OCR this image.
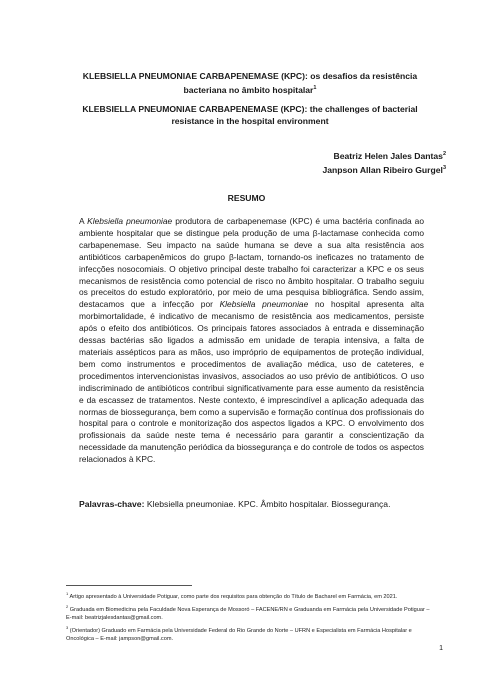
KLEBSIELLA PNEUMONIAE CARBAPENEMASE (KPC): os desafios da resistência bacteriana no âmbito hospitalar$^1$

KLEBSIELLA PNEUMONIAE CARBAPENEMASE (KPC): the challenges of bacterial resistance in the hospital environment

Beatriz Helen Jales Dantas$^2$

Janpson Allan Ribeiro Gurgel$^3$

RESUMO

A Klebsiella pneumoniae produtora de carbapenemase (KPC) é uma bactéria confinada ao ambiente hospitalar que se distingue pela produção de uma β-lactamase conhecida como carbapenemase. Seu impacto na saúde humana se deve a sua alta resistência aos antibióticos carbapenêmicos do grupo β-lactam, tornando-os ineficazes no tratamento de infecções nosocomiais. O objetivo principal deste trabalho foi caracterizar a KPC e os seus mecanismos de resistência como potencial de risco no âmbito hospitalar. O trabalho seguiu os preceitos do estudo exploratório, por meio de uma pesquisa bibliográfica. Sendo assim, destacamos que a infecção por Klebsiella pneumoniae no hospital apresenta alta morbimortalidade, é indicativo de mecanismo de resistência aos medicamentos, persiste após o efeito dos antibióticos. Os principais fatores associados à entrada e disseminação dessas bactérias são ligados a admissão em unidade de terapia intensiva, a falta de materiais assépticos para as mãos, uso impróprio de equipamentos de proteção individual, bem como instrumentos e procedimentos de avaliação médica, uso de cateteres, e procedimentos intervencionistas invasivos, associados ao uso prévio de antibióticos. O uso indiscriminado de antibióticos contribui significativamente para esse aumento da resistência e da escassez de tratamentos. Neste contexto, é imprescindível a aplicação adequada das normas de biossegurança, bem como a supervisão e formação contínua dos profissionais do hospital para o controle e monitorização dos aspectos ligados a KPC. O envolvimento dos profissionais da saúde neste tema é necessário para garantir a conscientização da necessidade da manutenção periódica da biossegurança e do controle de todos os aspectos relacionados à KPC.

Palavras-chave: Klebsiella pneumoniae. KPC. Âmbito hospitalar. Biossegurança.

$^1$ Artigo apresentado à Universidade Potiguar, como parte dos requisitos para obtenção do Título de Bacharel em Farmácia, em 2021.

$^2$ Graduada em Biomedicina pela Faculdade Nova Esperança de Mossoró – FACENE/RN e Graduanda em Farmácia pela Universidade Potiguar – E-mail: beatrizjalesdantas@gmail.com.

$^3$ (Orientador) Graduado em Farmácia pela Universidade Federal do Rio Grande do Norte – UFRN e Especialista em Farmácia Hospitalar e Oncológica – E-mail: jampson@gmail.com.

1
